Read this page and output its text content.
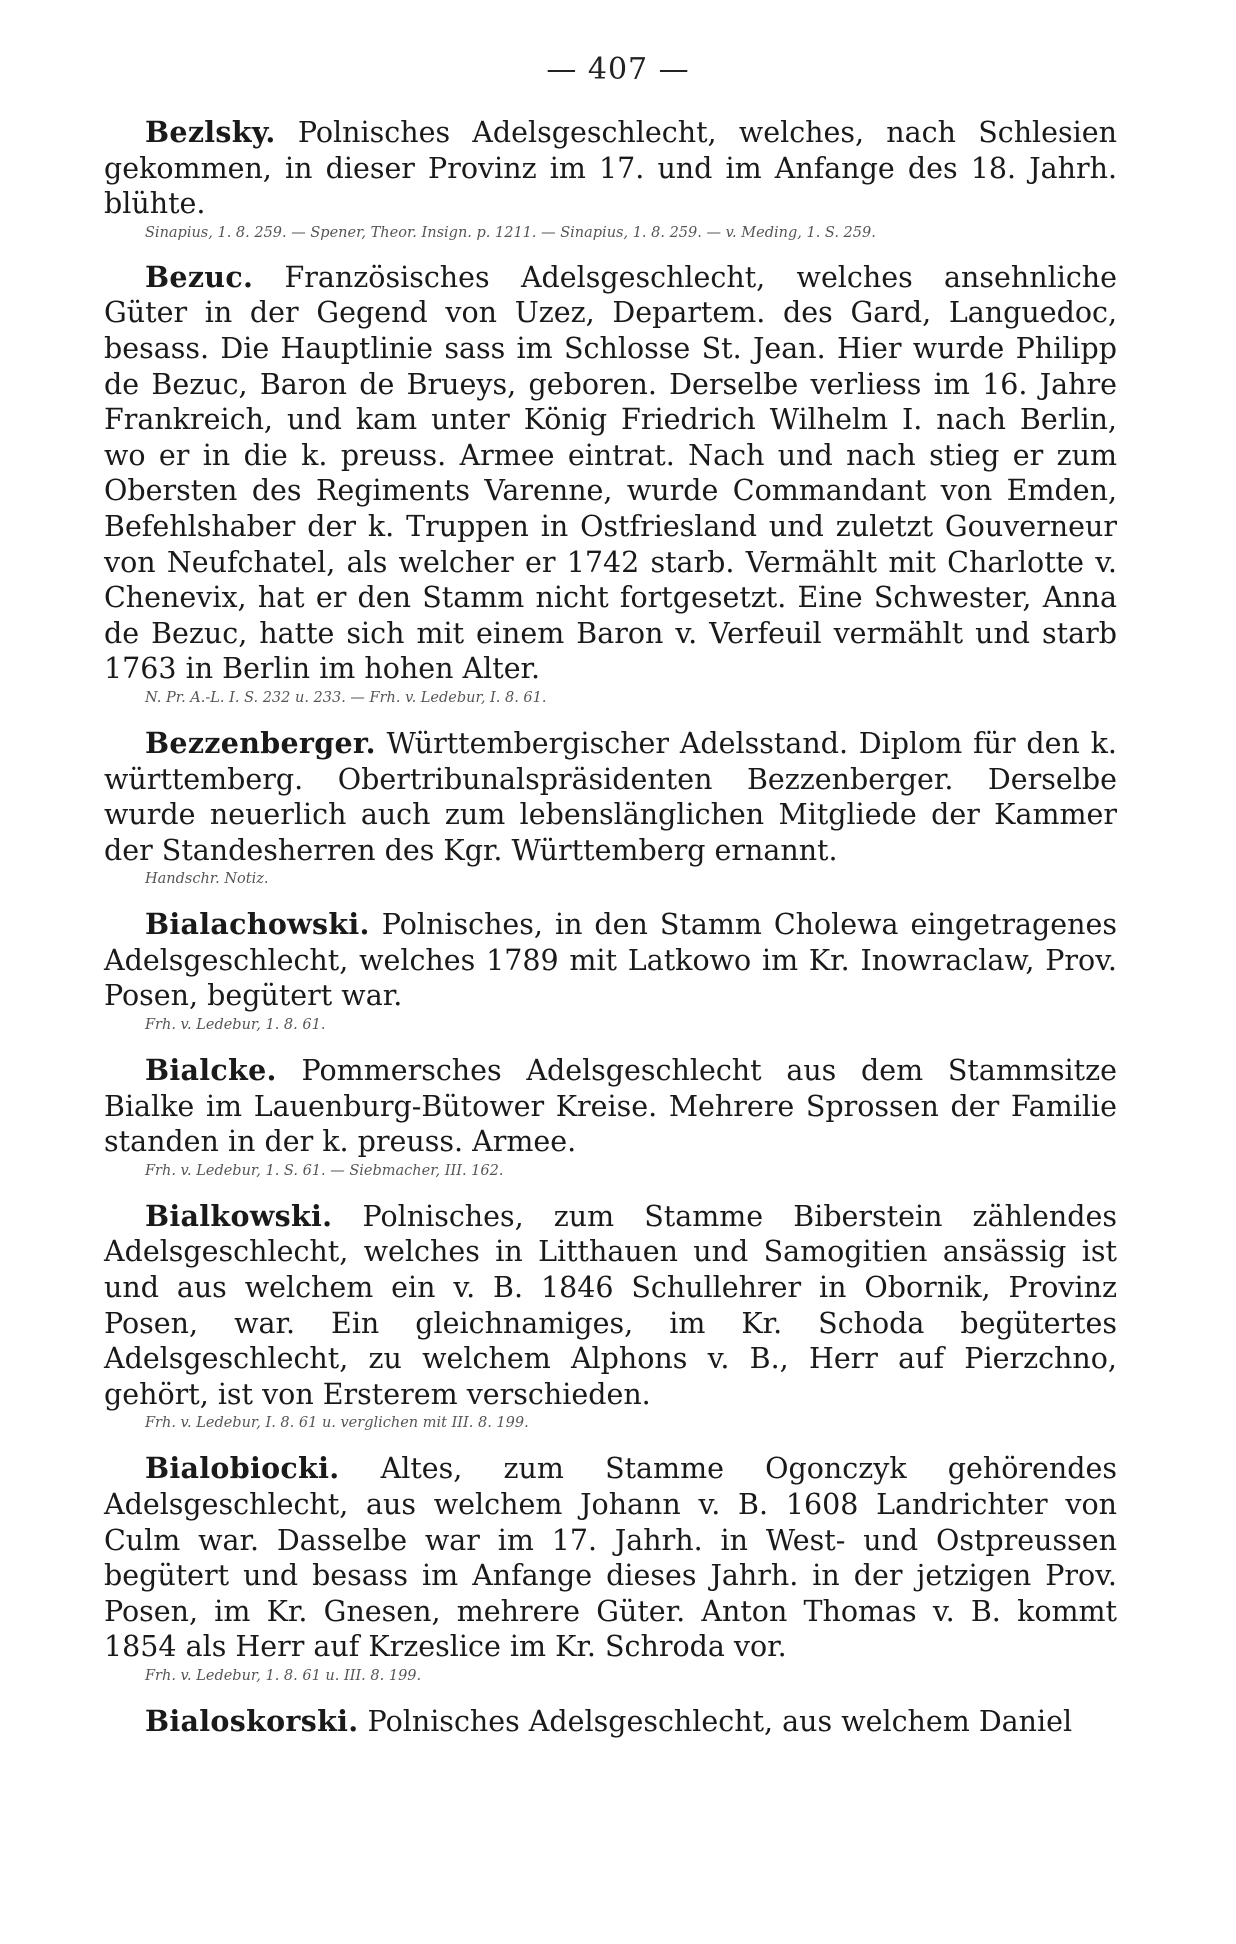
— 407 —

Bezlsky. Polnisches Adelsgeschlecht, welches, nach Schlesien gekommen, in dieser Provinz im 17. und im Anfange des 18. Jahrh. blühte.

Sinapius, 1. 8. 259. — Spener, Theor. Insign. p. 1211. — Sinapius, 1. 8. 259. — v. Meding, 1. S. 259.

Bezuc. Französisches Adelsgeschlecht, welches ansehnliche Güter in der Gegend von Uzez, Departem. des Gard, Languedoc, besass. Die Hauptlinie sass im Schlosse St. Jean. Hier wurde Philipp de Bezuc, Baron de Brueys, geboren. Derselbe verliess im 16. Jahre Frankreich, und kam unter König Friedrich Wilhelm I. nach Berlin, wo er in die k. preuss. Armee eintrat. Nach und nach stieg er zum Obersten des Regiments Varenne, wurde Commandant von Emden, Befehlshaber der k. Truppen in Ostfriesland und zuletzt Gouverneur von Neufchatel, als welcher er 1742 starb. Vermählt mit Charlotte v. Chenevix, hat er den Stamm nicht fortgesetzt. Eine Schwester, Anna de Bezuc, hatte sich mit einem Baron v. Verfeuil vermählt und starb 1763 in Berlin im hohen Alter.

N. Pr. A.-L. I. S. 232 u. 233. — Frh. v. Ledebur, I. 8. 61.

Bezzenberger. Württembergischer Adelsstand. Diplom für den k. württemberg. Obertribunalspräsidenten Bezzenberger. Derselbe wurde neuerlich auch zum lebenslänglichen Mitgliede der Kammer der Standesherren des Kgr. Württemberg ernannt.

Handschr. Notiz.

Bialachowski. Polnisches, in den Stamm Cholewa eingetragenes Adelsgeschlecht, welches 1789 mit Latkowo im Kr. Inowraclaw, Prov. Posen, begütert war.

Frh. v. Ledebur, 1. 8. 61.

Bialcke. Pommersches Adelsgeschlecht aus dem Stammsitze Bialke im Lauenburg-Bütower Kreise. Mehrere Sprossen der Familie standen in der k. preuss. Armee.

Frh. v. Ledebur, 1. S. 61. — Siebmacher, III. 162.

Bialkowski. Polnisches, zum Stamme Biberstein zählendes Adelsgeschlecht, welches in Litthauen und Samogitien ansässig ist und aus welchem ein v. B. 1846 Schullehrer in Obornik, Provinz Posen, war. Ein gleichnamiges, im Kr. Schoda begütertes Adelsgeschlecht, zu welchem Alphons v. B., Herr auf Pierzchno, gehört, ist von Ersterem verschieden.

Frh. v. Ledebur, I. 8. 61 u. verglichen mit III. 8. 199.

Bialobiocki. Altes, zum Stamme Ogonczyk gehörendes Adelsgeschlecht, aus welchem Johann v. B. 1608 Landrichter von Culm war. Dasselbe war im 17. Jahrh. in West- und Ostpreussen begütert und besass im Anfange dieses Jahrh. in der jetzigen Prov. Posen, im Kr. Gnesen, mehrere Güter. Anton Thomas v. B. kommt 1854 als Herr auf Krzeslice im Kr. Schroda vor.

Frh. v. Ledebur, 1. 8. 61 u. III. 8. 199.

Bialoskorski. Polnisches Adelsgeschlecht, aus welchem Daniel
